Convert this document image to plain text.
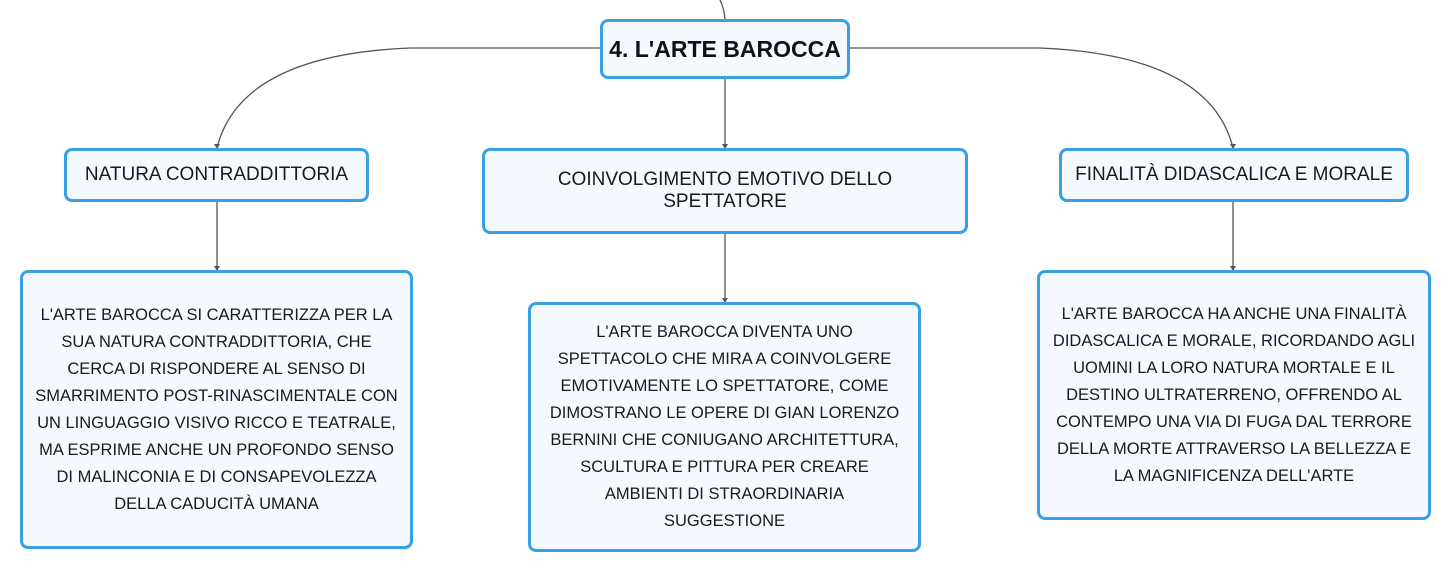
4. L'ARTE BAROCCA
NATURA CONTRADDITTORIA	COINVOLGIMENTO EMOTIVO DELLO SPETTATORE
FINALITÀ DIDASCALICA E MORALE

L'ARTE BAROCCA SI CARATTERIZZA PER LA SUA NATURA CONTRADDITTORIA, CHE CERCA DI RISPONDERE AL SENSO DI SMARRIMENTO POST-RINASCIMENTALE CON UN LINGUAGGIO VISIVO RICCO E TEATRALE, MA ESPRIME ANCHE UN PROFONDO SENSO DI MALINCONIA E DI CONSAPEVOLEZZA DELLA CADUCITÀ UMANA

L'ARTE BAROCCA DIVENTA UNO SPETTACOLO CHE MIRA A COINVOLGERE EMOTIVAMENTE LO SPETTATORE, COME DIMOSTRANO LE OPERE DI GIAN LORENZO BERNINI CHE CONIUGANO ARCHITETTURA, SCULTURA E PITTURA PER CREARE AMBIENTI DI STRAORDINARIA SUGGESTIONE

L'ARTE BAROCCA HA ANCHE UNA FINALITÀ DIDASCALICA E MORALE, RICORDANDO AGLI UOMINI LA LORO NATURA MORTALE E IL DESTINO ULTRATERRENO, OFFRENDO AL CONTEMPO UNA VIA DI FUGA DAL TERRORE DELLA MORTE ATTRAVERSO LA BELLEZZA E LA MAGNIFICENZA DELL'ARTE
